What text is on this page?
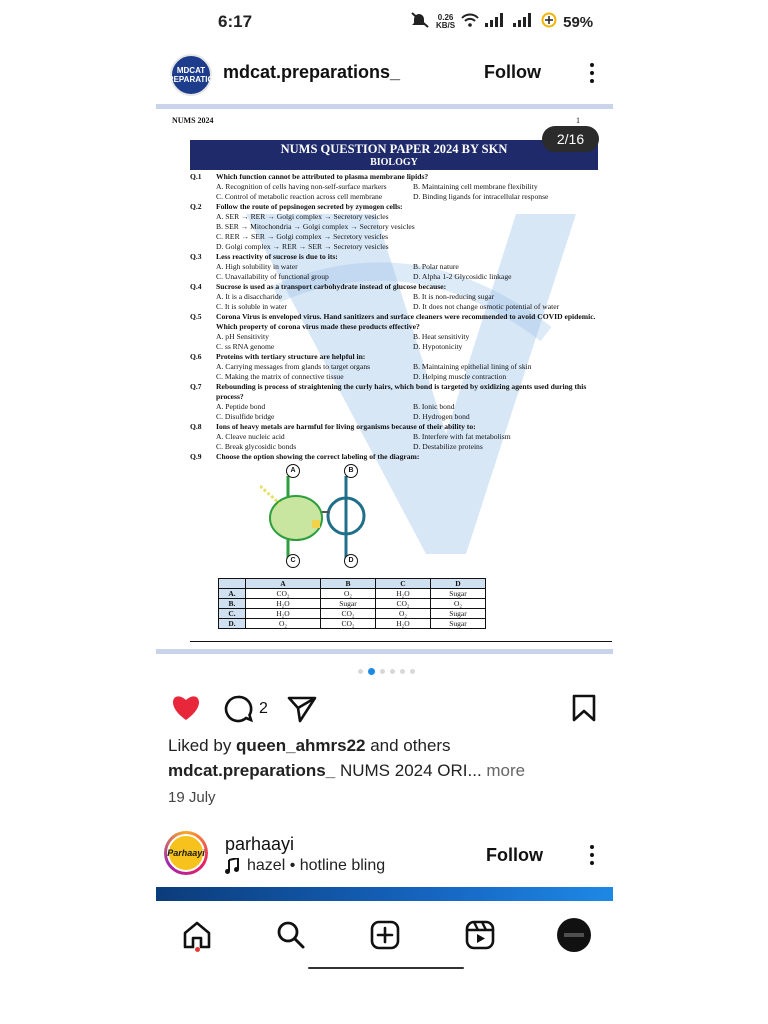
6:17	0.26
KB/S	59%
MDCAT PREPARATION mdcat.preparations_	Follow
NUMS 2024	1
NUMS QUESTION PAPER 2024 BY SKN
BIOLOGY
Q.1 Which function cannot be attributed to plasma membrane lipids?
A. Recognition of cells having non-self-surface markers	B. Maintaining cell membrane flexibility
C. Control of metabolic reaction across cell membrane	D. Binding ligands for intracellular response
Q.2 Follow the route of pepsinogen secreted by zymogen cells:
A. SER → RER → Golgi complex → Secretory vesicles
B. SER → Mitochondria → Golgi complex → Secretory vesicles
C. RER → SER → Golgi complex → Secretory vesicles
D. Golgi complex → RER → SER → Secretory vesicles
Q.3 Less reactivity of sucrose is due to its:
A. High solubility in water	B. Polar nature
C. Unavailability of functional group	D. Alpha 1-2 Glycosidic linkage
Q.4 Sucrose is used as a transport carbohydrate instead of glucose because:
A. It is a disaccharide	B. It is non-reducing sugar
C. It is soluble in water	D. It does not change osmotic potential of water
Q.5 Corona Virus is enveloped virus. Hand sanitizers and surface cleaners were recommended to avoid COVID epidemic. Which property of corona virus made these products effective?
A. pH Sensitivity	B. Heat sensitivity
C. ss RNA genome	D. Hypotonicity
Q.6 Proteins with tertiary structure are helpful in:
A. Carrying messages from glands to target organs	B. Maintaining epithelial lining of skin
C. Making the matrix of connective tissue	D. Helping muscle contraction
Q.7 Rebounding is process of straightening the curly hairs, which bond is targeted by oxidizing agents used during this process?
A. Peptide bond	B. Ionic bond
C. Disulfide bridge	D. Hydrogen bond
Q.8 Ions of heavy metals are harmful for living organisms because of their ability to:
A. Cleave nucleic acid	B. Interfere with fat metabolism
C. Break glycosidic bonds	D. Destabilize proteins
Q.9 Choose the option showing the correct labeling of the diagram:
A	B
C	D
	A	B	C	D
A.	CO₂	O₂	H₂O	Sugar
B.	H₂O	Sugar	CO₂	O₂
C.	H₂O	CO₂	O₂	Sugar
D.	O₂	CO₂	H₂O	Sugar
2/16
2
Liked by queen_ahmrs22 and others
mdcat.preparations_ NUMS 2024 ORI... more
19 July
Parhaayi parhaayi
hazel • hotline bling
Follow
